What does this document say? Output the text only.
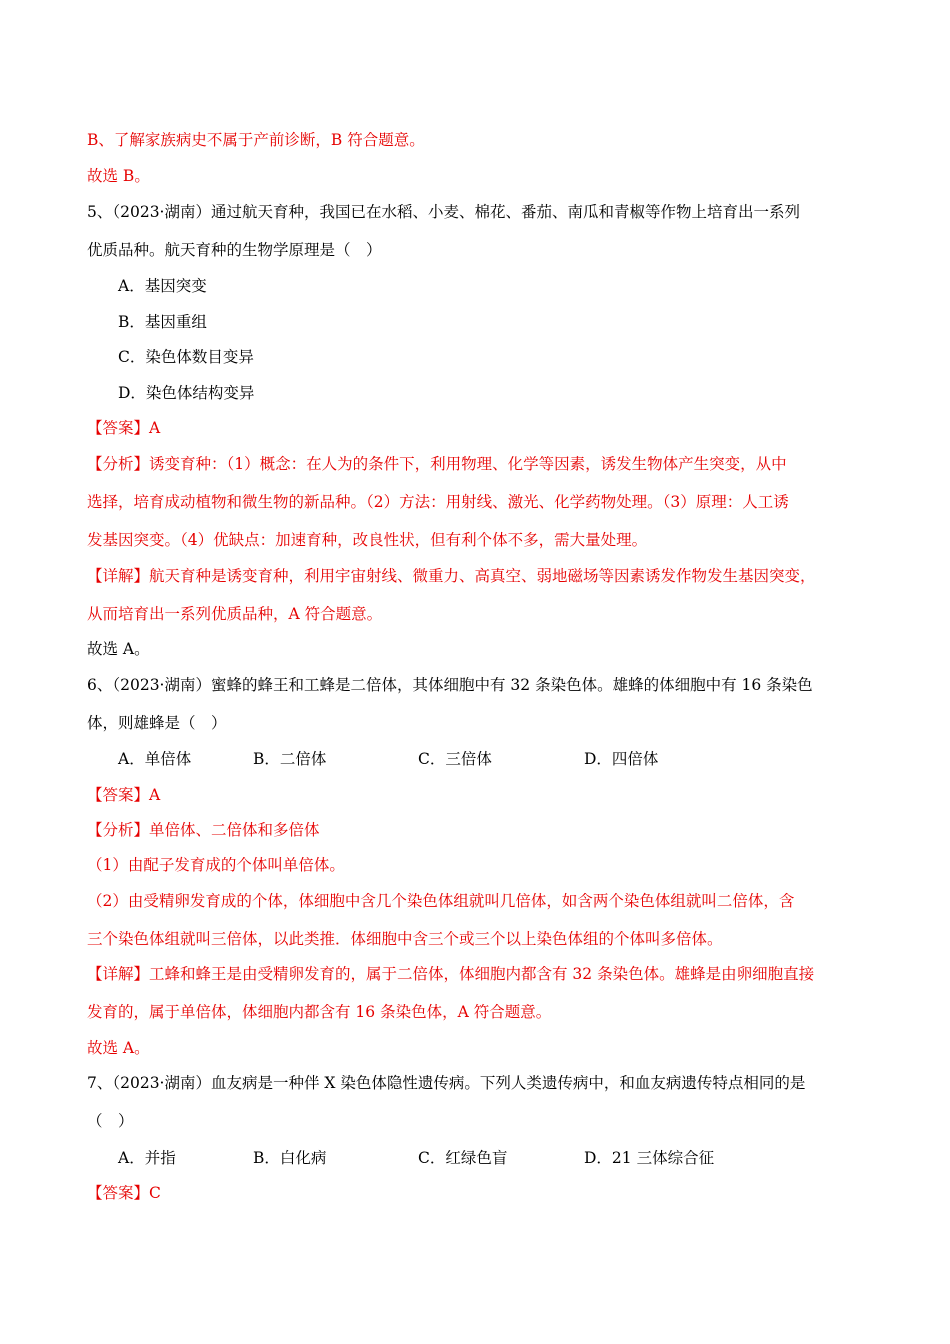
B、了解家族病史不属于产前诊断，B 符合题意。
故选 B。
5、（2023·湖南）通过航天育种，我国已在水稻、小麦、棉花、番茄、南瓜和青椒等作物上培育出一系列
优质品种。航天育种的生物学原理是（　）
A．基因突变
B．基因重组
C．染色体数目变异
D．染色体结构变异
【答案】A
【分析】诱变育种：（1）概念：在人为的条件下，利用物理、化学等因素，诱发生物体产生突变，从中
选择，培育成动植物和微生物的新品种。（2）方法：用射线、激光、化学药物处理。（3）原理：人工诱
发基因突变。（4）优缺点：加速育种，改良性状，但有利个体不多，需大量处理。
【详解】航天育种是诱变育种，利用宇宙射线、微重力、高真空、弱地磁场等因素诱发作物发生基因突变，
从而培育出一系列优质品种，A 符合题意。
故选 A。
6、（2023·湖南）蜜蜂的蜂王和工蜂是二倍体，其体细胞中有 32 条染色体。雄蜂的体细胞中有 16 条染色
体，则雄蜂是（　）
A．单倍体	B．二倍体	C．三倍体	D．四倍体
【答案】A
【分析】单倍体、二倍体和多倍体
（1）由配子发育成的个体叫单倍体。
（2）由受精卵发育成的个体，体细胞中含几个染色体组就叫几倍体，如含两个染色体组就叫二倍体，含
三个染色体组就叫三倍体，以此类推．体细胞中含三个或三个以上染色体组的个体叫多倍体。
【详解】工蜂和蜂王是由受精卵发育的，属于二倍体，体细胞内都含有 32 条染色体。雄蜂是由卵细胞直接
发育的，属于单倍体，体细胞内都含有 16 条染色体，A 符合题意。
故选 A。
7、（2023·湖南）血友病是一种伴 X 染色体隐性遗传病。下列人类遗传病中，和血友病遗传特点相同的是
（　）
A．并指	B．白化病	C．红绿色盲	D．21 三体综合征
【答案】C
